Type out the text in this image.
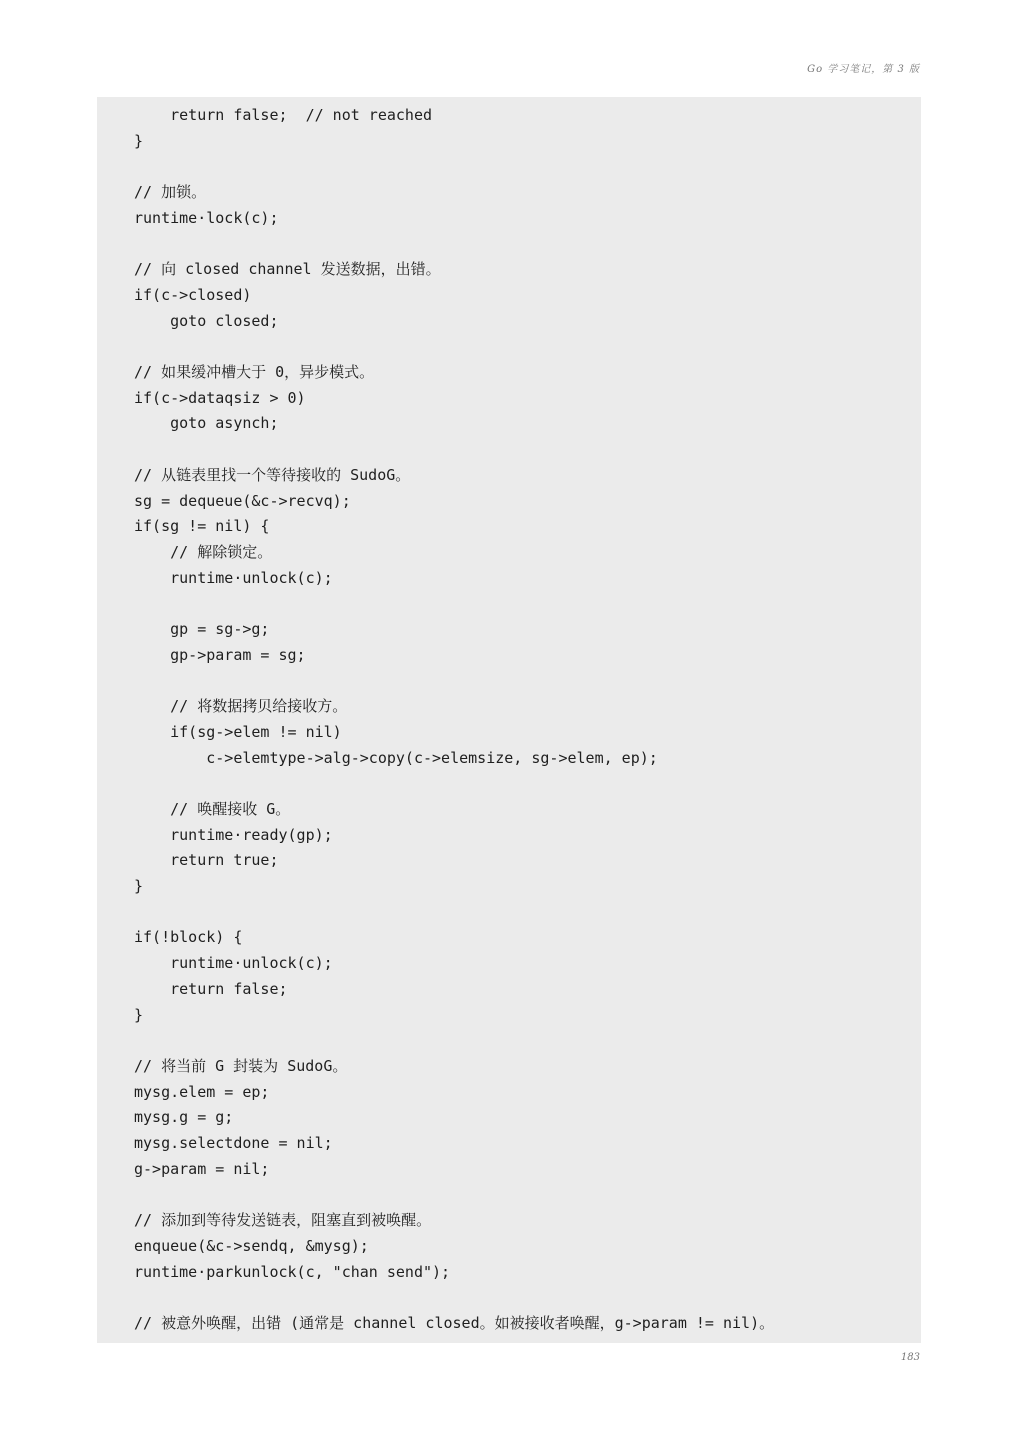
Go 学习笔记，第 3 版
return false;  // not reached
}
// 加锁。
runtime·lock(c);
// 向 closed channel 发送数据，出错。
if(c->closed)
goto closed;
// 如果缓冲槽大于 0，异步模式。
if(c->dataqsiz > 0)
goto asynch;
// 从链表里找一个等待接收的 SudoG。
sg = dequeue(&c->recvq);
if(sg != nil) {
// 解除锁定。
runtime·unlock(c);
gp = sg->g;
gp->param = sg;
// 将数据拷贝给接收方。
if(sg->elem != nil)
c->elemtype->alg->copy(c->elemsize, sg->elem, ep);
// 唤醒接收 G。
runtime·ready(gp);
return true;
}
if(!block) {
runtime·unlock(c);
return false;
}
// 将当前 G 封装为 SudoG。
mysg.elem = ep;
mysg.g = g;
mysg.selectdone = nil;
g->param = nil;
// 添加到等待发送链表，阻塞直到被唤醒。
enqueue(&c->sendq, &mysg);
runtime·parkunlock(c, "chan send");
// 被意外唤醒，出错 (通常是 channel closed。如被接收者唤醒，g->param != nil)。
183
